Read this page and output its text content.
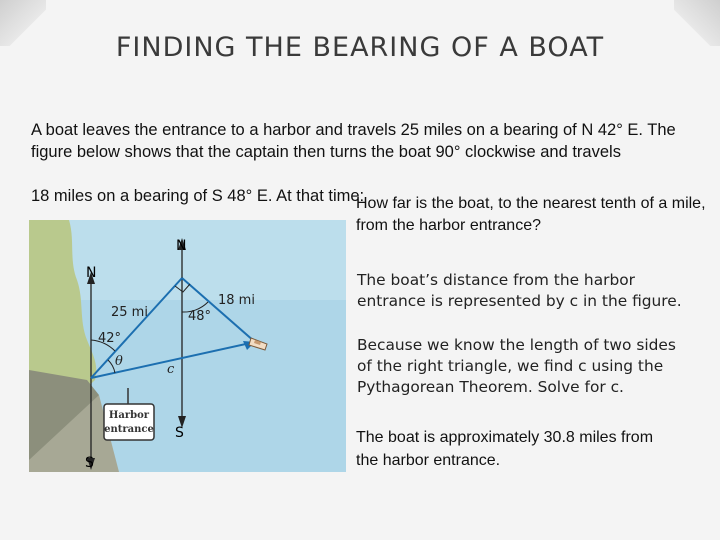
FINDING THE BEARING OF A BOAT
A boat leaves the entrance to a harbor and travels 25 miles on a bearing of N 42° E. The figure below shows that the captain then turns the boat 90° clockwise and travels
18 miles on a bearing of S 48° E. At that time:
N
S
N
S
25 mi
18 mi
42°
48°
θ
c
Harbor
entrance

How far is the boat, to the nearest tenth of a mile, from the harbor entrance?

The boat’s distance from the harbor entrance is represented by c in the figure.

Because we know the length of two sides of the right triangle, we find c using the Pythagorean Theorem. Solve for c.

The boat is approximately 30.8 miles from the harbor entrance.
